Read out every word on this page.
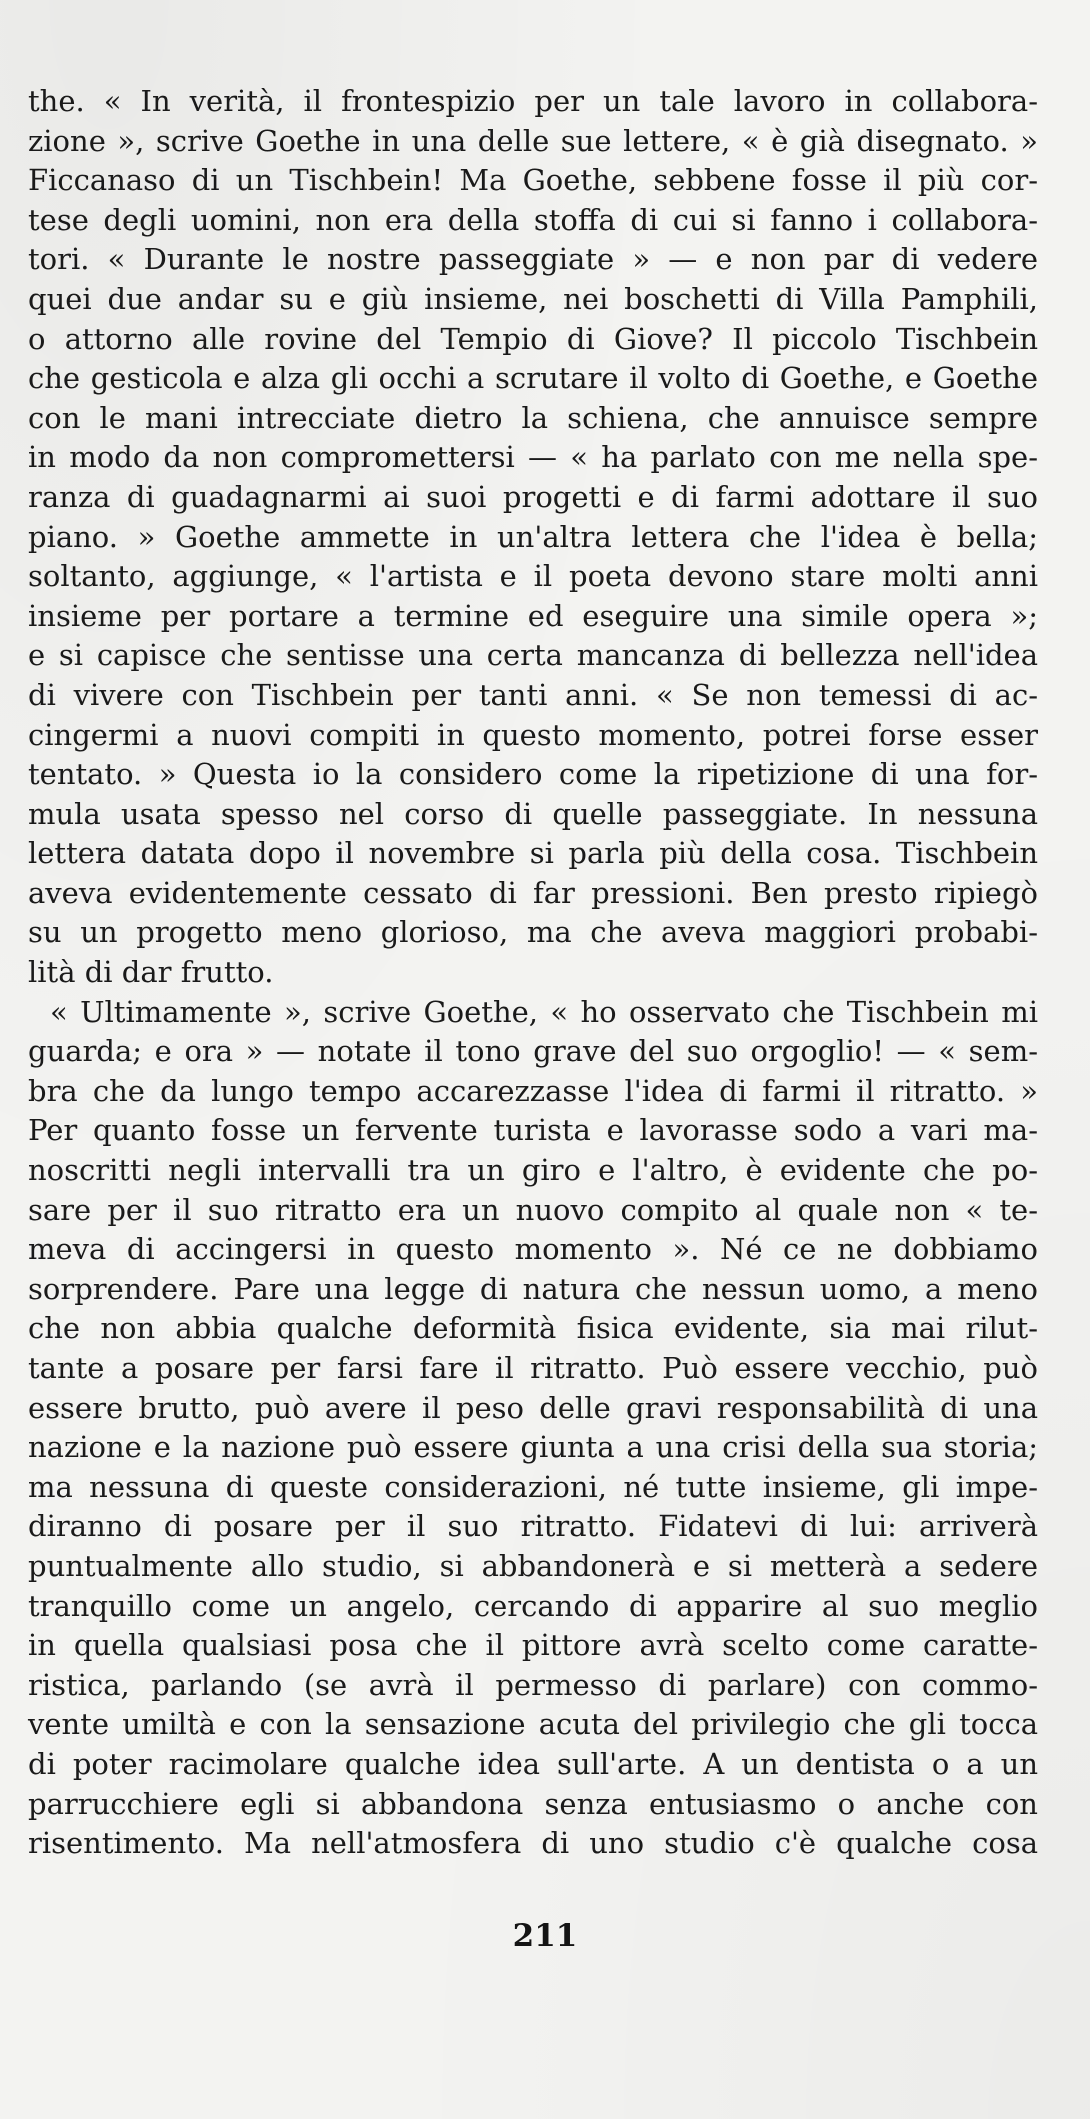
the. « In verità, il frontespizio per un tale lavoro in collabora-
zione », scrive Goethe in una delle sue lettere, « è già disegnato. »
Ficcanaso di un Tischbein! Ma Goethe, sebbene fosse il più cor-
tese degli uomini, non era della stoffa di cui si fanno i collabora-
tori. « Durante le nostre passeggiate » — e non par di vedere
quei due andar su e giù insieme, nei boschetti di Villa Pamphili,
o attorno alle rovine del Tempio di Giove? Il piccolo Tischbein
che gesticola e alza gli occhi a scrutare il volto di Goethe, e Goethe
con le mani intrecciate dietro la schiena, che annuisce sempre
in modo da non compromettersi — « ha parlato con me nella spe-
ranza di guadagnarmi ai suoi progetti e di farmi adottare il suo
piano. » Goethe ammette in un'altra lettera che l'idea è bella;
soltanto, aggiunge, « l'artista e il poeta devono stare molti anni
insieme per portare a termine ed eseguire una simile opera »;
e si capisce che sentisse una certa mancanza di bellezza nell'idea
di vivere con Tischbein per tanti anni. « Se non temessi di ac-
cingermi a nuovi compiti in questo momento, potrei forse esser
tentato. » Questa io la considero come la ripetizione di una for-
mula usata spesso nel corso di quelle passeggiate. In nessuna
lettera datata dopo il novembre si parla più della cosa. Tischbein
aveva evidentemente cessato di far pressioni. Ben presto ripiegò
su un progetto meno glorioso, ma che aveva maggiori probabi-
lità di dar frutto.
« Ultimamente », scrive Goethe, « ho osservato che Tischbein mi
guarda; e ora » — notate il tono grave del suo orgoglio! — « sem-
bra che da lungo tempo accarezzasse l'idea di farmi il ritratto. »
Per quanto fosse un fervente turista e lavorasse sodo a vari ma-
noscritti negli intervalli tra un giro e l'altro, è evidente che po-
sare per il suo ritratto era un nuovo compito al quale non « te-
meva di accingersi in questo momento ». Né ce ne dobbiamo
sorprendere. Pare una legge di natura che nessun uomo, a meno
che non abbia qualche deformità fisica evidente, sia mai rilut-
tante a posare per farsi fare il ritratto. Può essere vecchio, può
essere brutto, può avere il peso delle gravi responsabilità di una
nazione e la nazione può essere giunta a una crisi della sua storia;
ma nessuna di queste considerazioni, né tutte insieme, gli impe-
diranno di posare per il suo ritratto. Fidatevi di lui: arriverà
puntualmente allo studio, si abbandonerà e si metterà a sedere
tranquillo come un angelo, cercando di apparire al suo meglio
in quella qualsiasi posa che il pittore avrà scelto come caratte-
ristica, parlando (se avrà il permesso di parlare) con commo-
vente umiltà e con la sensazione acuta del privilegio che gli tocca
di poter racimolare qualche idea sull'arte. A un dentista o a un
parrucchiere egli si abbandona senza entusiasmo o anche con
risentimento. Ma nell'atmosfera di uno studio c'è qualche cosa
211
